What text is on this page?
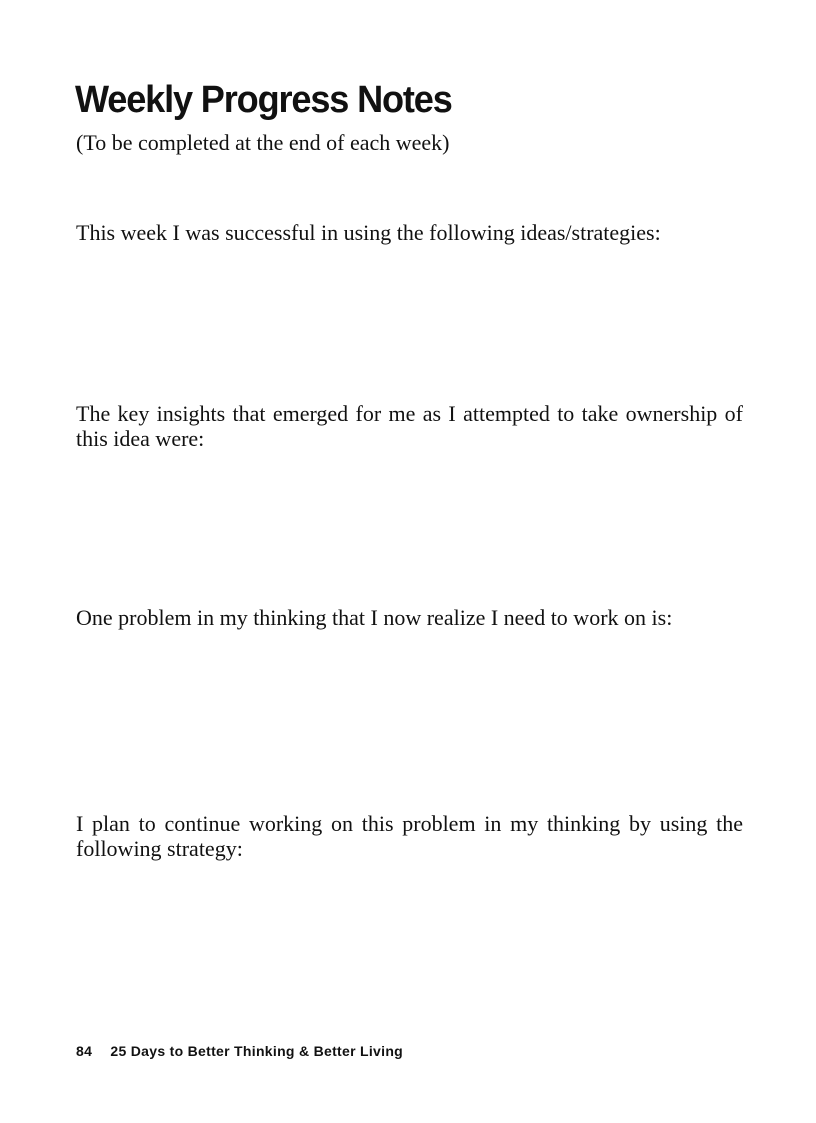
Weekly Progress Notes

(To be completed at the end of each week)

This week I was successful in using the following ideas/strategies:

The key insights that emerged for me as I attempted to take ownership of this idea were:

One problem in my thinking that I now realize I need to work on is:

I plan to continue working on this problem in my thinking by using the following strategy:

84 25 Days to Better Thinking & Better Living
